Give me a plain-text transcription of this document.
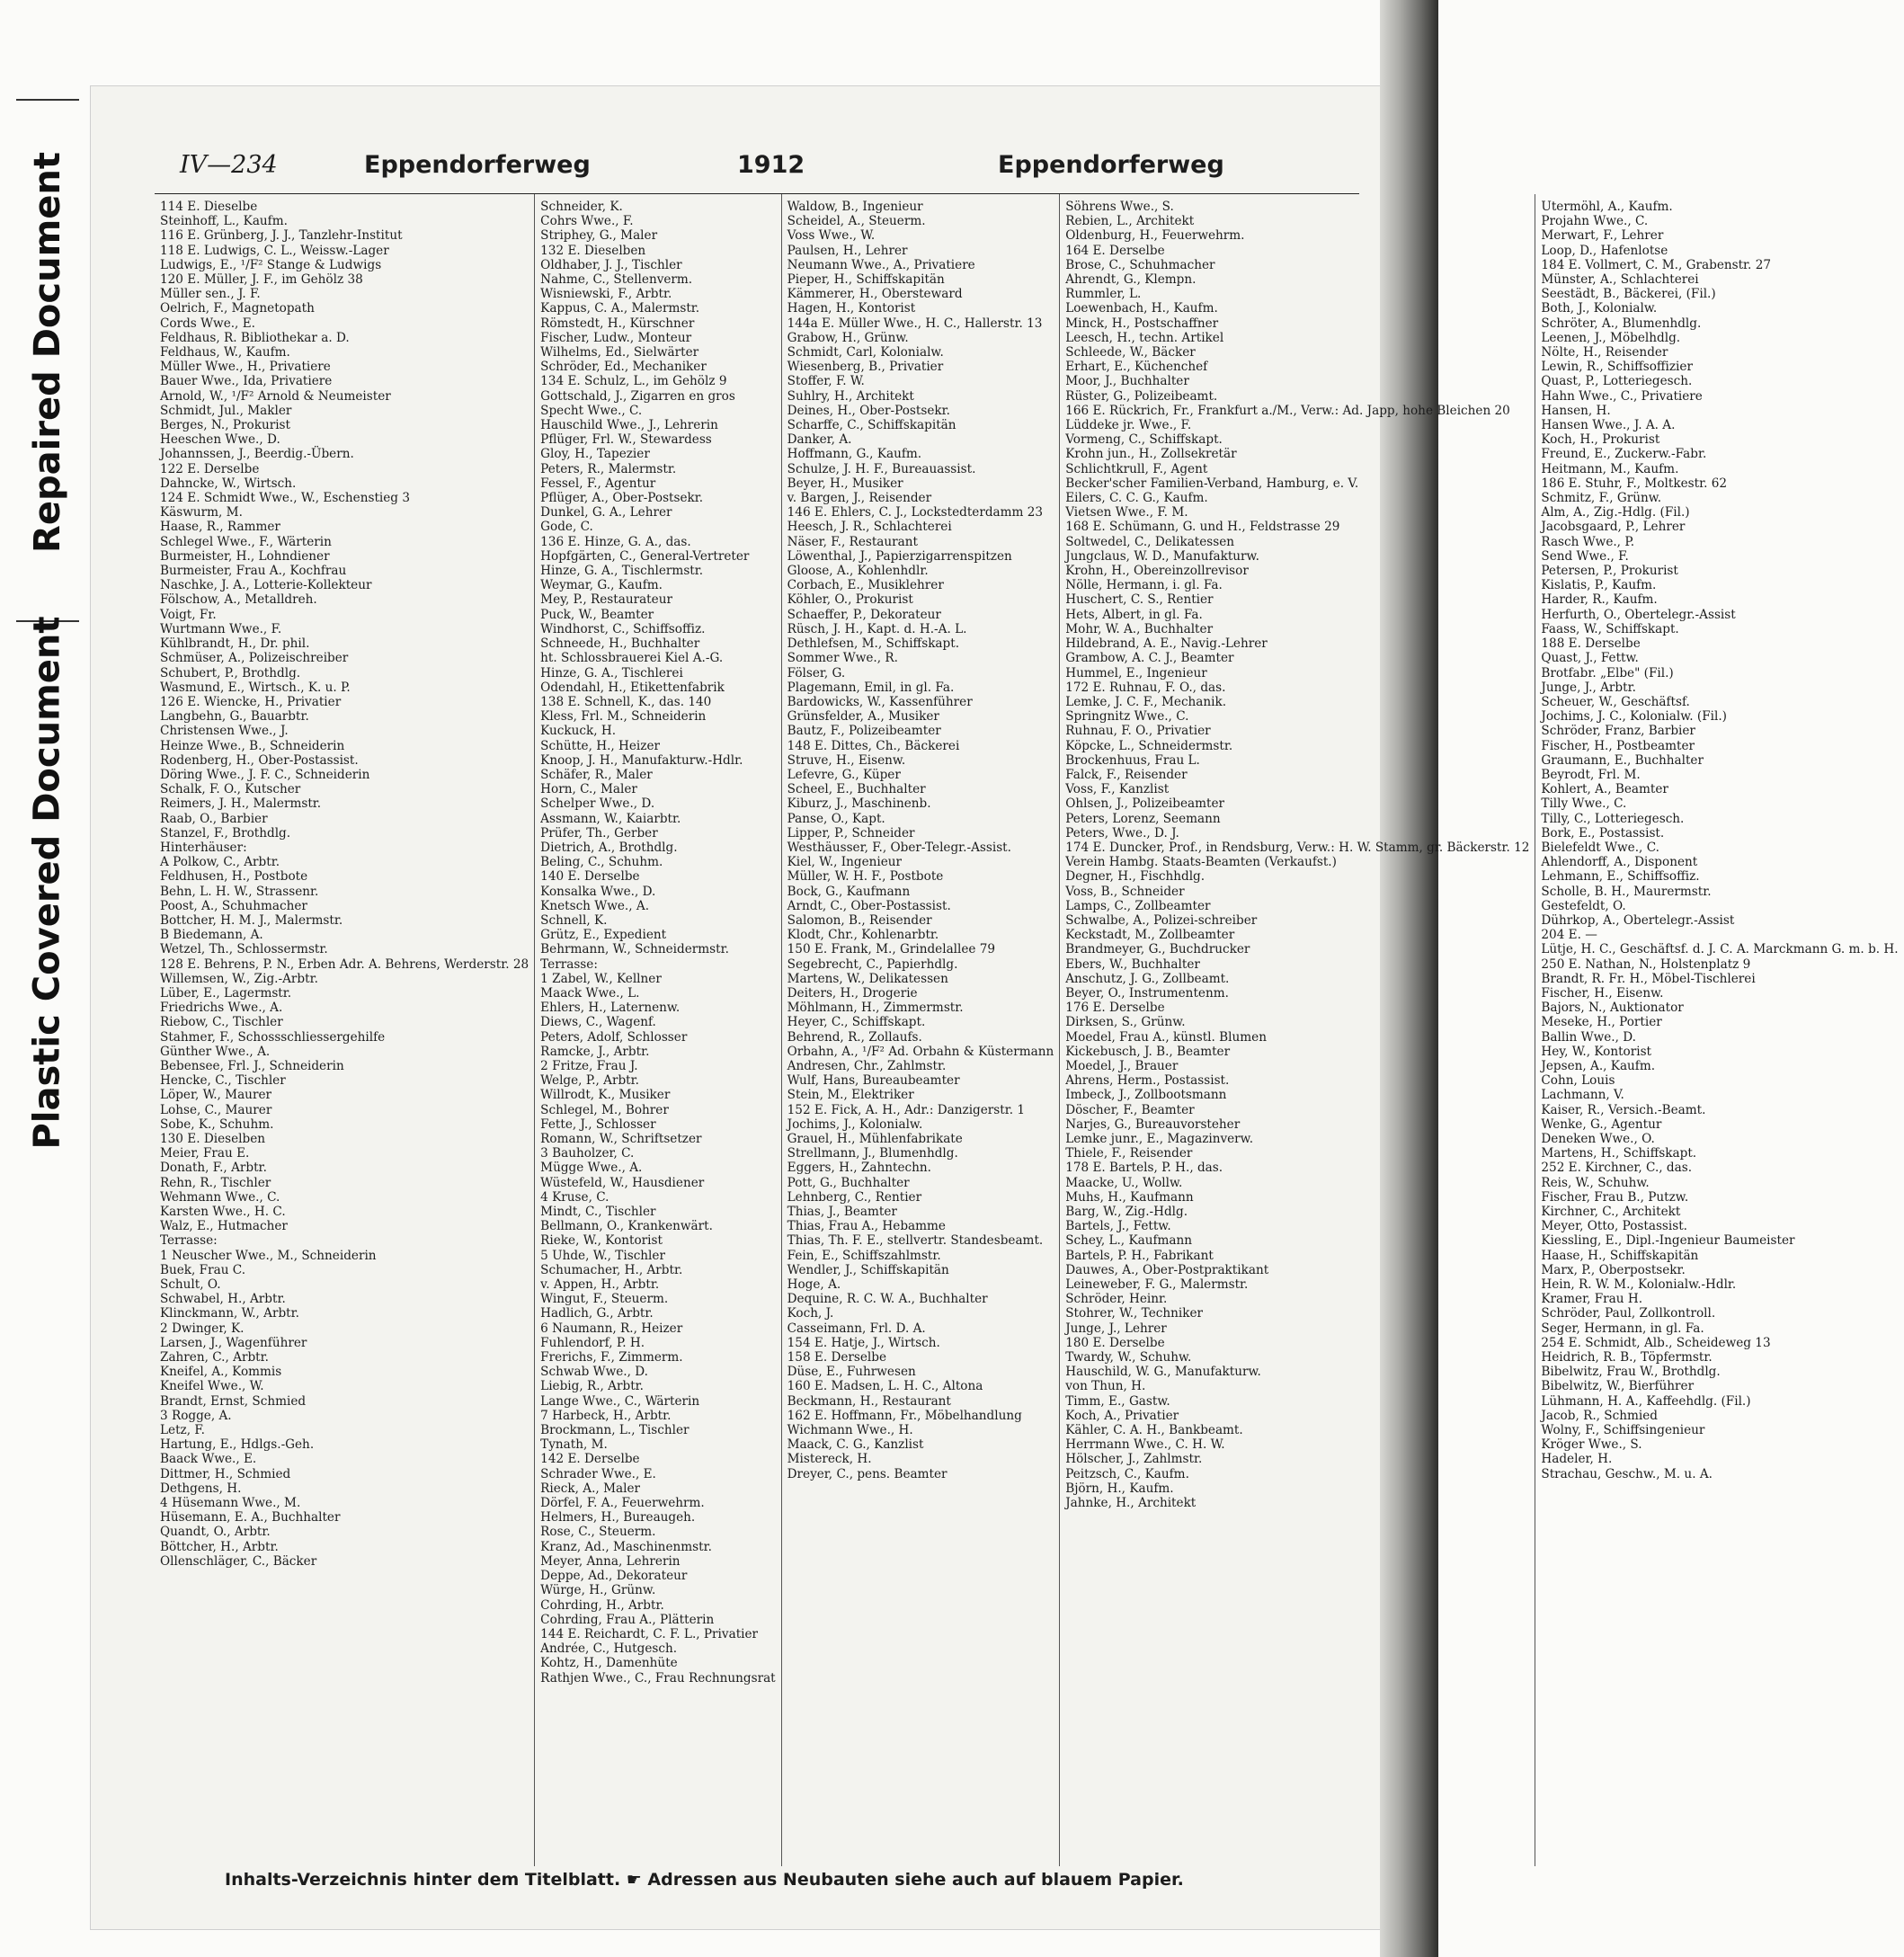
Repaired Document
Plastic Covered Document
IV—234	Eppendorferweg	1912	Eppendorferweg
114 E. Dieselbe
Steinhoff, L., Kaufm.
116 E. Grünberg, J. J., Tanzlehr-Institut
118 E. Ludwigs, C. L., Weissw.-Lager
Ludwigs, E., ¹/F² Stange & Ludwigs
120 E. Müller, J. F., im Gehölz 38
Müller sen., J. F.
Oelrich, F., Magnetopath
Cords Wwe., E.
Feldhaus, R. Bibliothekar a. D.
Feldhaus, W., Kaufm.
Müller Wwe., H., Privatiere
Bauer Wwe., Ida, Privatiere
Arnold, W., ¹/F² Arnold & Neumeister
Schmidt, Jul., Makler
Berges, N., Prokurist
Heeschen Wwe., D.
Johannssen, J., Beerdig.-Übern.
122 E. Derselbe
Dahncke, W., Wirtsch.
124 E. Schmidt Wwe., W., Eschenstieg 3
Käswurm, M.
Haase, R., Rammer
Schlegel Wwe., F., Wärterin
Burmeister, H., Lohndiener
Burmeister, Frau A., Kochfrau
Naschke, J. A., Lotterie-Kollekteur
Fölschow, A., Metalldreh.
Voigt, Fr.
Wurtmann Wwe., F.
Kühlbrandt, H., Dr. phil.
Schmüser, A., Polizeischreiber
Schubert, P., Brothdlg.
Wasmund, E., Wirtsch., K. u. P.
126 E. Wiencke, H., Privatier
Langbehn, G., Bauarbtr.
Christensen Wwe., J.
Heinze Wwe., B., Schneiderin
Rodenberg, H., Ober-Postassist.
Döring Wwe., J. F. C., Schneiderin
Schalk, F. O., Kutscher
Reimers, J. H., Malermstr.
Raab, O., Barbier
Stanzel, F., Brothdlg.
Hinterhäuser:
A Polkow, C., Arbtr.
Feldhusen, H., Postbote
Behn, L. H. W., Strassenr.
Poost, A., Schuhmacher
Bottcher, H. M. J., Malermstr.
B Biedemann, A.
Wetzel, Th., Schlossermstr.
128 E. Behrens, P. N., Erben Adr. A. Behrens, Werderstr. 28
Willemsen, W., Zig.-Arbtr.
Lüber, E., Lagermstr.
Friedrichs Wwe., A.
Riebow, C., Tischler
Stahmer, F., Schossschliessergehilfe
Günther Wwe., A.
Bebensee, Frl. J., Schneiderin
Hencke, C., Tischler
Löper, W., Maurer
Lohse, C., Maurer
Sobe, K., Schuhm.
130 E. Dieselben
Meier, Frau E.
Donath, F., Arbtr.
Rehn, R., Tischler
Wehmann Wwe., C.
Karsten Wwe., H. C.
Walz, E., Hutmacher
Terrasse:
1 Neuscher Wwe., M., Schneiderin
Buek, Frau C.
Schult, O.
Schwabel, H., Arbtr.
Klinckmann, W., Arbtr.
2 Dwinger, K.
Larsen, J., Wagenführer
Zahren, C., Arbtr.
Kneifel, A., Kommis
Kneifel Wwe., W.
Brandt, Ernst, Schmied
3 Rogge, A.
Letz, F.
Hartung, E., Hdlgs.-Geh.
Baack Wwe., E.
Dittmer, H., Schmied
Dethgens, H.
4 Hüsemann Wwe., M.
Hüsemann, E. A., Buchhalter
Quandt, O., Arbtr.
Böttcher, H., Arbtr.
Ollenschläger, C., Bäcker
Schneider, K.
Cohrs Wwe., F.
Striphey, G., Maler
132 E. Dieselben
Oldhaber, J. J., Tischler
Nahme, C., Stellenverm.
Wisniewski, F., Arbtr.
Kappus, C. A., Malermstr.
Römstedt, H., Kürschner
Fischer, Ludw., Monteur
Wilhelms, Ed., Sielwärter
Schröder, Ed., Mechaniker
134 E. Schulz, L., im Gehölz 9
Gottschald, J., Zigarren en gros
Specht Wwe., C.
Hauschild Wwe., J., Lehrerin
Pflüger, Frl. W., Stewardess
Gloy, H., Tapezier
Peters, R., Malermstr.
Fessel, F., Agentur
Pflüger, A., Ober-Postsekr.
Dunkel, G. A., Lehrer
Gode, C.
136 E. Hinze, G. A., das.
Hopfgärten, C., General-Vertreter
Hinze, G. A., Tischlermstr.
Weymar, G., Kaufm.
Mey, P., Restaurateur
Puck, W., Beamter
Windhorst, C., Schiffsoffiz.
Schneede, H., Buchhalter
ht. Schlossbrauerei Kiel A.-G.
Hinze, G. A., Tischlerei
Odendahl, H., Etikettenfabrik
138 E. Schnell, K., das. 140
Kless, Frl. M., Schneiderin
Kuckuck, H.
Schütte, H., Heizer
Knoop, J. H., Manufakturw.-Hdlr.
Schäfer, R., Maler
Horn, C., Maler
Schelper Wwe., D.
Assmann, W., Kaiarbtr.
Prüfer, Th., Gerber
Dietrich, A., Brothdlg.
Beling, C., Schuhm.
140 E. Derselbe
Konsalka Wwe., D.
Knetsch Wwe., A.
Schnell, K.
Grütz, E., Expedient
Behrmann, W., Schneidermstr.
Terrasse:
1 Zabel, W., Kellner
Maack Wwe., L.
Ehlers, H., Laternenw.
Diews, C., Wagenf.
Peters, Adolf, Schlosser
Ramcke, J., Arbtr.
2 Fritze, Frau J.
Welge, P., Arbtr.
Willrodt, K., Musiker
Schlegel, M., Bohrer
Fette, J., Schlosser
Romann, W., Schriftsetzer
3 Bauholzer, C.
Mügge Wwe., A.
Wüstefeld, W., Hausdiener
4 Kruse, C.
Mindt, C., Tischler
Bellmann, O., Krankenwärt.
Rieke, W., Kontorist
5 Uhde, W., Tischler
Schumacher, H., Arbtr.
v. Appen, H., Arbtr.
Wingut, F., Steuerm.
Hadlich, G., Arbtr.
6 Naumann, R., Heizer
Fuhlendorf, P. H.
Frerichs, F., Zimmerm.
Schwab Wwe., D.
Liebig, R., Arbtr.
Lange Wwe., C., Wärterin
7 Harbeck, H., Arbtr.
Brockmann, L., Tischler
Tynath, M.
142 E. Derselbe
Schrader Wwe., E.
Rieck, A., Maler
Dörfel, F. A., Feuerwehrm.
Helmers, H., Bureaugeh.
Rose, C., Steuerm.
Kranz, Ad., Maschinenmstr.
Meyer, Anna, Lehrerin
Deppe, Ad., Dekorateur
Würge, H., Grünw.
Cohrding, H., Arbtr.
Cohrding, Frau A., Plätterin
144 E. Reichardt, C. F. L., Privatier
Andrée, C., Hutgesch.
Kohtz, H., Damenhüte
Rathjen Wwe., C., Frau Rechnungsrat
Waldow, B., Ingenieur
Scheidel, A., Steuerm.
Voss Wwe., W.
Paulsen, H., Lehrer
Neumann Wwe., A., Privatiere
Pieper, H., Schiffskapitän
Kämmerer, H., Obersteward
Hagen, H., Kontorist
144a E. Müller Wwe., H. C., Hallerstr. 13
Grabow, H., Grünw.
Schmidt, Carl, Kolonialw.
Wiesenberg, B., Privatier
Stoffer, F. W.
Suhlry, H., Architekt
Deines, H., Ober-Postsekr.
Scharffe, C., Schiffskapitän
Danker, A.
Hoffmann, G., Kaufm.
Schulze, J. H. F., Bureauassist.
Beyer, H., Musiker
v. Bargen, J., Reisender
146 E. Ehlers, C. J., Lockstedterdamm 23
Heesch, J. R., Schlachterei
Näser, F., Restaurant
Löwenthal, J., Papierzigarrenspitzen
Gloose, A., Kohlenhdlr.
Corbach, E., Musiklehrer
Köhler, O., Prokurist
Schaeffer, P., Dekorateur
Rüsch, J. H., Kapt. d. H.-A. L.
Dethlefsen, M., Schiffskapt.
Sommer Wwe., R.
Fölser, G.
Plagemann, Emil, in gl. Fa.
Bardowicks, W., Kassenführer
Grünsfelder, A., Musiker
Bautz, F., Polizeibeamter
148 E. Dittes, Ch., Bäckerei
Struve, H., Eisenw.
Lefevre, G., Küper
Scheel, E., Buchhalter
Kiburz, J., Maschinenb.
Panse, O., Kapt.
Lipper, P., Schneider
Westhäusser, F., Ober-Telegr.-Assist.
Kiel, W., Ingenieur
Müller, W. H. F., Postbote
Bock, G., Kaufmann
Arndt, C., Ober-Postassist.
Salomon, B., Reisender
Klodt, Chr., Kohlenarbtr.
150 E. Frank, M., Grindelallee 79
Segebrecht, C., Papierhdlg.
Martens, W., Delikatessen
Deiters, H., Drogerie
Möhlmann, H., Zimmermstr.
Heyer, C., Schiffskapt.
Behrend, R., Zollaufs.
Orbahn, A., ¹/F² Ad. Orbahn & Küstermann
Andresen, Chr., Zahlmstr.
Wulf, Hans, Bureaubeamter
Stein, M., Elektriker
152 E. Fick, A. H., Adr.: Danzigerstr. 1
Jochims, J., Kolonialw.
Grauel, H., Mühlenfabrikate
Strellmann, J., Blumenhdlg.
Eggers, H., Zahntechn.
Pott, G., Buchhalter
Lehnberg, C., Rentier
Thias, J., Beamter
Thias, Frau A., Hebamme
Thias, Th. F. E., stellvertr. Standesbeamt.
Fein, E., Schiffszahlmstr.
Wendler, J., Schiffskapitän
Hoge, A.
Dequine, R. C. W. A., Buchhalter
Koch, J.
Casseimann, Frl. D. A.
154 E. Hatje, J., Wirtsch.
158 E. Derselbe
Düse, E., Fuhrwesen
160 E. Madsen, L. H. C., Altona
Beckmann, H., Restaurant
162 E. Hoffmann, Fr., Möbelhandlung
Wichmann Wwe., H.
Maack, C. G., Kanzlist
Mistereck, H.
Dreyer, C., pens. Beamter
Söhrens Wwe., S.
Rebien, L., Architekt
Oldenburg, H., Feuerwehrm.
164 E. Derselbe
Brose, C., Schuhmacher
Ahrendt, G., Klempn.
Rummler, L.
Loewenbach, H., Kaufm.
Minck, H., Postschaffner
Leesch, H., techn. Artikel
Schleede, W., Bäcker
Erhart, E., Küchenchef
Moor, J., Buchhalter
Rüster, G., Polizeibeamt.
166 E. Rückrich, Fr., Frankfurt a./M., Verw.: Ad. Japp, hohe Bleichen 20
Lüddeke jr. Wwe., F.
Vormeng, C., Schiffskapt.
Krohn jun., H., Zollsekretär
Schlichtkrull, F., Agent
Becker'scher Familien-Verband, Hamburg, e. V.
Eilers, C. C. G., Kaufm.
Vietsen Wwe., F. M.
168 E. Schümann, G. und H., Feldstrasse 29
Soltwedel, C., Delikatessen
Jungclaus, W. D., Manufakturw.
Krohn, H., Obereinzollrevisor
Nölle, Hermann, i. gl. Fa.
Huschert, C. S., Rentier
Hets, Albert, in gl. Fa.
Mohr, W. A., Buchhalter
Hildebrand, A. E., Navig.-Lehrer
Grambow, A. C. J., Beamter
Hummel, E., Ingenieur
172 E. Ruhnau, F. O., das.
Lemke, J. C. F., Mechanik.
Springnitz Wwe., C.
Ruhnau, F. O., Privatier
Köpcke, L., Schneidermstr.
Brockenhuus, Frau L.
Falck, F., Reisender
Voss, F., Kanzlist
Ohlsen, J., Polizeibeamter
Peters, Lorenz, Seemann
Peters, Wwe., D. J.
174 E. Duncker, Prof., in Rendsburg, Verw.: H. W. Stamm, gr. Bäckerstr. 12
Verein Hambg. Staats-Beamten (Verkaufst.)
Degner, H., Fischhdlg.
Voss, B., Schneider
Lamps, C., Zollbeamter
Schwalbe, A., Polizei-schreiber
Keckstadt, M., Zollbeamter
Brandmeyer, G., Buchdrucker
Ebers, W., Buchhalter
Anschutz, J. G., Zollbeamt.
Beyer, O., Instrumentenm.
176 E. Derselbe
Dirksen, S., Grünw.
Moedel, Frau A., künstl. Blumen
Kickebusch, J. B., Beamter
Moedel, J., Brauer
Ahrens, Herm., Postassist.
Imbeck, J., Zollbootsmann
Döscher, F., Beamter
Narjes, G., Bureauvorsteher
Lemke junr., E., Magazinverw.
Thiele, F., Reisender
178 E. Bartels, P. H., das.
Maacke, U., Wollw.
Muhs, H., Kaufmann
Barg, W., Zig.-Hdlg.
Bartels, J., Fettw.
Schey, L., Kaufmann
Bartels, P. H., Fabrikant
Dauwes, A., Ober-Postpraktikant
Leineweber, F. G., Malermstr.
Schröder, Heinr.
Stohrer, W., Techniker
Junge, J., Lehrer
180 E. Derselbe
Twardy, W., Schuhw.
Hauschild, W. G., Manufakturw.
von Thun, H.
Timm, E., Gastw.
Koch, A., Privatier
Kähler, C. A. H., Bankbeamt.
Herrmann Wwe., C. H. W.
Hölscher, J., Zahlmstr.
Peitzsch, C., Kaufm.
Björn, H., Kaufm.
Jahnke, H., Architekt
Utermöhl, A., Kaufm.
Projahn Wwe., C.
Merwart, F., Lehrer
Loop, D., Hafenlotse
184 E. Vollmert, C. M., Grabenstr. 27
Münster, A., Schlachterei
Seestädt, B., Bäckerei, (Fil.)
Both, J., Kolonialw.
Schröter, A., Blumenhdlg.
Leenen, J., Möbelhdlg.
Nölte, H., Reisender
Lewin, R., Schiffsoffizier
Quast, P., Lotteriegesch.
Hahn Wwe., C., Privatiere
Hansen, H.
Hansen Wwe., J. A. A.
Koch, H., Prokurist
Freund, E., Zuckerw.-Fabr.
Heitmann, M., Kaufm.
186 E. Stuhr, F., Moltkestr. 62
Schmitz, F., Grünw.
Alm, A., Zig.-Hdlg. (Fil.)
Jacobsgaard, P., Lehrer
Rasch Wwe., P.
Send Wwe., F.
Petersen, P., Prokurist
Kislatis, P., Kaufm.
Harder, R., Kaufm.
Herfurth, O., Obertelegr.-Assist
Faass, W., Schiffskapt.
188 E. Derselbe
Quast, J., Fettw.
Brotfabr. „Elbe" (Fil.)
Junge, J., Arbtr.
Scheuer, W., Geschäftsf.
Jochims, J. C., Kolonialw. (Fil.)
Schröder, Franz, Barbier
Fischer, H., Postbeamter
Graumann, E., Buchhalter
Beyrodt, Frl. M.
Kohlert, A., Beamter
Tilly Wwe., C.
Tilly, C., Lotteriegesch.
Bork, E., Postassist.
Bielefeldt Wwe., C.
Ahlendorff, A., Disponent
Lehmann, E., Schiffsoffiz.
Scholle, B. H., Maurermstr.
Gestefeldt, O.
Dührkop, A., Obertelegr.-Assist
204 E. —
Lütje, H. C., Geschäftsf. d. J. C. A. Marckmann G. m. b. H.
250 E. Nathan, N., Holstenplatz 9
Brandt, R. Fr. H., Möbel-Tischlerei
Fischer, H., Eisenw.
Bajors, N., Auktionator
Meseke, H., Portier
Ballin Wwe., D.
Hey, W., Kontorist
Jepsen, A., Kaufm.
Cohn, Louis
Lachmann, V.
Kaiser, R., Versich.-Beamt.
Wenke, G., Agentur
Deneken Wwe., O.
Martens, H., Schiffskapt.
252 E. Kirchner, C., das.
Reis, W., Schuhw.
Fischer, Frau B., Putzw.
Kirchner, C., Architekt
Meyer, Otto, Postassist.
Kiessling, E., Dipl.-Ingenieur Baumeister
Haase, H., Schiffskapitän
Marx, P., Oberpostsekr.
Hein, R. W. M., Kolonialw.-Hdlr.
Kramer, Frau H.
Schröder, Paul, Zollkontroll.
Seger, Hermann, in gl. Fa.
254 E. Schmidt, Alb., Scheideweg 13
Heidrich, R. B., Töpfermstr.
Bibelwitz, Frau W., Brothdlg.
Bibelwitz, W., Bierführer
Lühmann, H. A., Kaffeehdlg. (Fil.)
Jacob, R., Schmied
Wolny, F., Schiffsingenieur
Kröger Wwe., S.
Hadeler, H.
Strachau, Geschw., M. u. A.
Inhalts-Verzeichnis hinter dem Titelblatt. ☛ Adressen aus Neubauten siehe auch auf blauem Papier.
